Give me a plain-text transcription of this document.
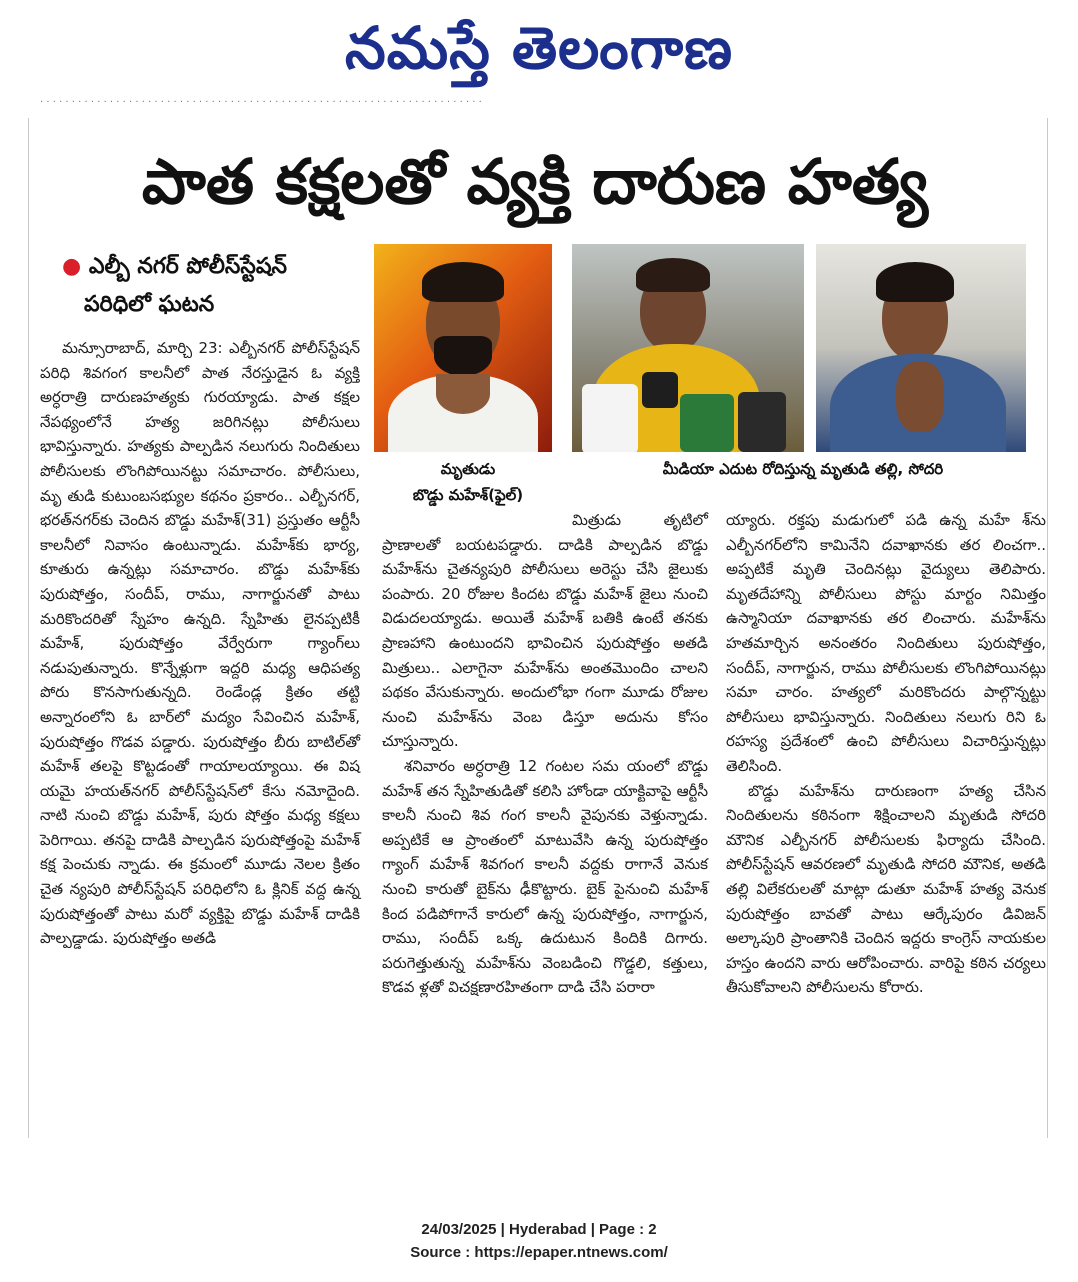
నమస్తే తెలంగాణ
· · · · · · · · · · · · · · · · · · · · · · · · · · · · · · · · · · · · · · · · · · · · · · · · · · · · · · · · · · · · · · · · · · · · · ·
పాత కక్షలతో వ్యక్తి దారుణ హత్య
● ఎల్బీ నగర్ పోలీస్‌స్టేషన్
పరిధిలో ఘటన
మృతుడు
బొడ్డు మహేశ్(ఫైల్)
మీడియా ఎదుట రోదిస్తున్న మృతుడి తల్లి, సోదరి

మన్సూరాబాద్, మార్చి 23: ఎల్బీనగర్ పోలీస్‌స్టేషన్ పరిధి శివగంగ కాలనీలో పాత నేరస్తుడైన ఓ వ్యక్తి అర్ధరాత్రి దారుణహత్యకు గురయ్యాడు. పాత కక్షల నేపథ్యంలోనే హత్య జరిగినట్లు పోలీసులు భావిస్తున్నారు. హత్యకు పాల్పడిన నలుగురు నిందితులు పోలీసులకు లొంగిపోయినట్టు సమాచారం. పోలీసులు, మృ తుడి కుటుంబసభ్యుల కథనం ప్రకారం.. ఎల్బీనగర్, భరత్‌నగర్‌కు చెందిన బొడ్డు మహేశ్(31) ప్రస్తుతం ఆర్టీసీ కాలనీలో నివాసం ఉంటున్నాడు. మహేశ్‌కు భార్య, కూతురు ఉన్నట్లు సమాచారం. బొడ్డు మహేశ్‌కు పురుషోత్తం, సందీప్, రాము, నాగార్జునతో పాటు మరికొందరితో స్నేహం ఉన్నది. స్నేహితు లైనప్పటికీ మహేశ్, పురుషోత్తం వేర్వేరుగా గ్యాంగ్‌లు నడుపుతున్నారు. కొన్నేళ్లుగా ఇద్దరి మధ్య ఆధిపత్య పోరు కొనసాగుతున్నది. రెండేండ్ల క్రితం తట్టి అన్నారంలోని ఓ బార్‌లో మద్యం సేవించిన మహేశ్, పురుషోత్తం గొడవ పడ్డారు. పురుషోత్తం బీరు బాటిల్‌తో మహేశ్ తలపై కొట్టడంతో గాయాలయ్యాయి. ఈ విష యమై హయత్‌నగర్ పోలీస్‌స్టేషన్‌లో కేసు నమోదైంది. నాటి నుంచి బొడ్డు మహేశ్, పురు షోత్తం మధ్య కక్షలు పెరిగాయి. తనపై దాడికి పాల్పడిన పురుషోత్తంపై మహేశ్ కక్ష పెంచుకు న్నాడు. ఈ క్రమంలో మూడు నెలల క్రితం చైత న్యపురి పోలీస్‌స్టేషన్ పరిధిలోని ఓ క్లినిక్ వద్ద ఉన్న పురుషోత్తంతో పాటు మరో వ్యక్తిపై బొడ్డు మహేశ్ దాడికి పాల్పడ్డాడు. పురుషోత్తం అతడి

మిత్రుడు తృటిలో ప్రాణాలతో బయటపడ్డారు. దాడికి పాల్పడిన బొడ్డు మహేశ్‌ను చైతన్యపురి పోలీసులు అరెస్టు చేసి జైలుకు పంపారు. 20 రోజుల కిందట బొడ్డు మహేశ్ జైలు నుంచి విడుదలయ్యాడు. అయితే మహేశ్ బతికి ఉంటే తనకు ప్రాణహాని ఉంటుందని భావించిన పురుషోత్తం అతడి మిత్రులు.. ఎలాగైనా మహేశ్‌ను అంతమొందిం చాలని పథకం వేసుకున్నారు. అందులోభా గంగా మూడు రోజుల నుంచి మహేశ్‌ను వెంబ డిస్తూ అదును కోసం చూస్తున్నారు.

శనివారం అర్ధరాత్రి 12 గంటల సమ యంలో బొడ్డు మహేశ్ తన స్నేహితుడితో కలిసి హోండా యాక్టివాపై ఆర్టీసీ కాలనీ నుంచి శివ గంగ కాలనీ వైపునకు వెళ్తున్నాడు. అప్పటికే ఆ ప్రాంతంలో మాటువేసి ఉన్న పురుషోత్తం గ్యాంగ్ మహేశ్ శివగంగ కాలనీ వద్దకు రాగానే వెనుక నుంచి కారుతో బైక్‌ను ఢీకొట్టారు. బైక్ పైనుంచి మహేశ్ కింద పడిపోగానే కారులో ఉన్న పురుషోత్తం, నాగార్జున, రాము, సందీప్ ఒక్క ఉదుటున కిందికి దిగారు. పరుగెత్తుతున్న మహేశ్‌ను వెంబడించి గొడ్డలి, కత్తులు, కొడవ ళ్లతో విచక్షణారహితంగా దాడి చేసి పరారా

య్యారు. రక్తపు మడుగులో పడి ఉన్న మహే శ్‌ను ఎల్బీనగర్‌లోని కామినేని దవాఖానకు తర లించగా.. అప్పటికే మృతి చెందినట్లు వైద్యులు తెలిపారు. మృతదేహాన్ని పోలీసులు పోస్టు మార్టం నిమిత్తం ఉస్మానియా దవాఖానకు తర లించారు. మహేశ్‌ను హతమార్చిన అనంతరం నిందితులు పురుషోత్తం, సందీప్, నాగార్జున, రాము పోలీసులకు లొంగిపోయినట్లు సమా చారం. హత్యలో మరికొందరు పాల్గొన్నట్టు పోలీసులు భావిస్తున్నారు. నిందితులు నలుగు రిని ఓ రహస్య ప్రదేశంలో ఉంచి పోలీసులు విచారిస్తున్నట్లు తెలిసింది.

బొడ్డు మహేశ్‌ను దారుణంగా హత్య చేసిన నిందితులను కఠినంగా శిక్షించాలని మృతుడి సోదరి మౌనిక ఎల్బీనగర్ పోలీసులకు ఫిర్యాదు చేసింది. పోలీస్‌స్టేషన్ ఆవరణలో మృతుడి సోదరి మౌనిక, అతడి తల్లి విలేకరులతో మాట్లా డుతూ మహేశ్ హత్య వెనుక పురుషోత్తం బావతో పాటు ఆర్కేపురం డివిజన్ అల్కాపురి ప్రాంతానికి చెందిన ఇద్దరు కాంగ్రెస్ నాయకుల హస్తం ఉందని వారు ఆరోపించారు. వారిపై కఠిన చర్యలు తీసుకోవాలని పోలీసులను కోరారు.

24/03/2025 | Hyderabad | Page : 2
Source : https://epaper.ntnews.com/
